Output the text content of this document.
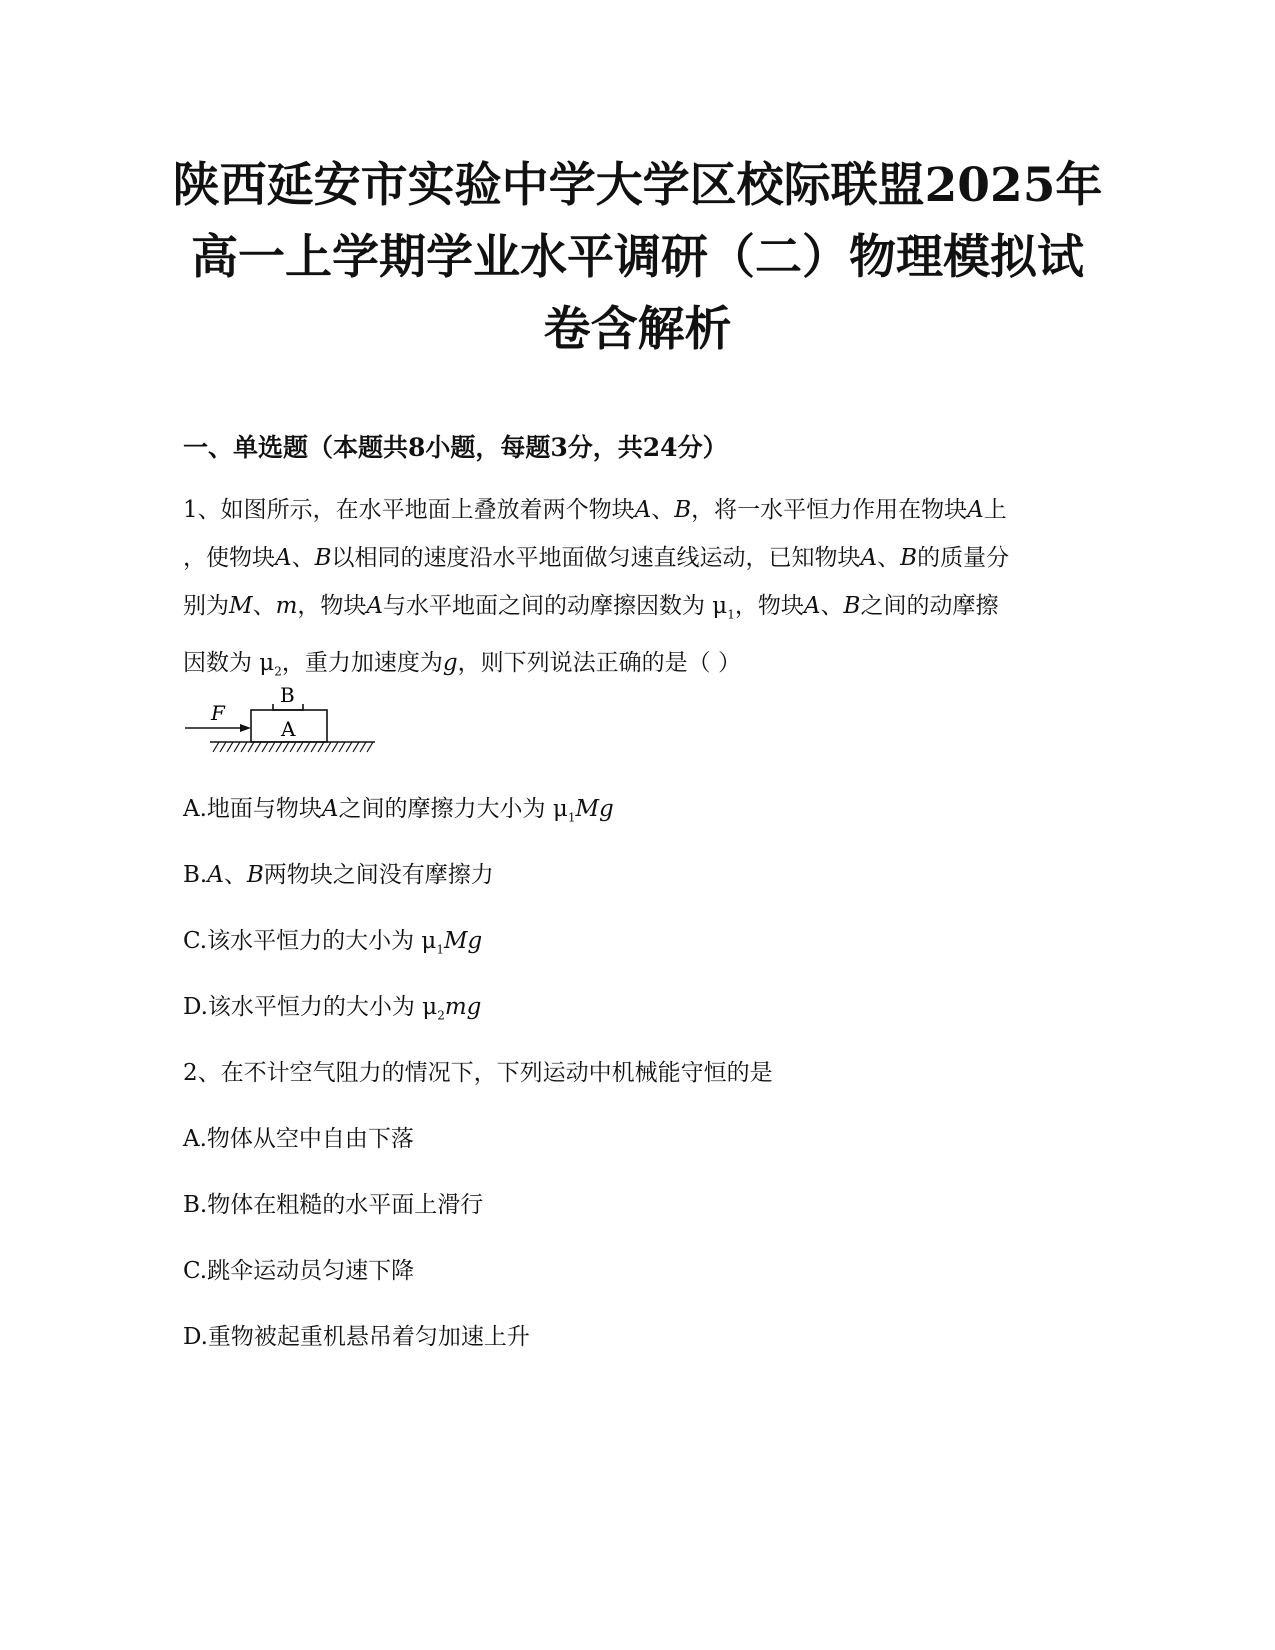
陕西延安市实验中学大学区校际联盟2025年
高一上学期学业水平调研（二）物理模拟试
卷含解析
一、单选题（本题共8小题，每题3分，共24分）
1、如图所示，在水平地面上叠放着两个物块A、B，将一水平恒力作用在物块A上
，使物块A、B以相同的速度沿水平地面做匀速直线运动，已知物块A、B的质量分
别为M、m，物块A与水平地面之间的动摩擦因数为 $\mu_1$，物块A、B之间的动摩擦
因数为 $\mu_2$，重力加速度为g，则下列说法正确的是（ ）
F
A
B

A.地面与物块A之间的摩擦力大小为 $\mu_1Mg$

B.A、B两物块之间没有摩擦力

C.该水平恒力的大小为 $\mu_1Mg$

D.该水平恒力的大小为 $\mu_2mg$

2、在不计空气阻力的情况下，下列运动中机械能守恒的是

A.物体从空中自由下落

B.物体在粗糙的水平面上滑行

C.跳伞运动员匀速下降

D.重物被起重机悬吊着匀加速上升
